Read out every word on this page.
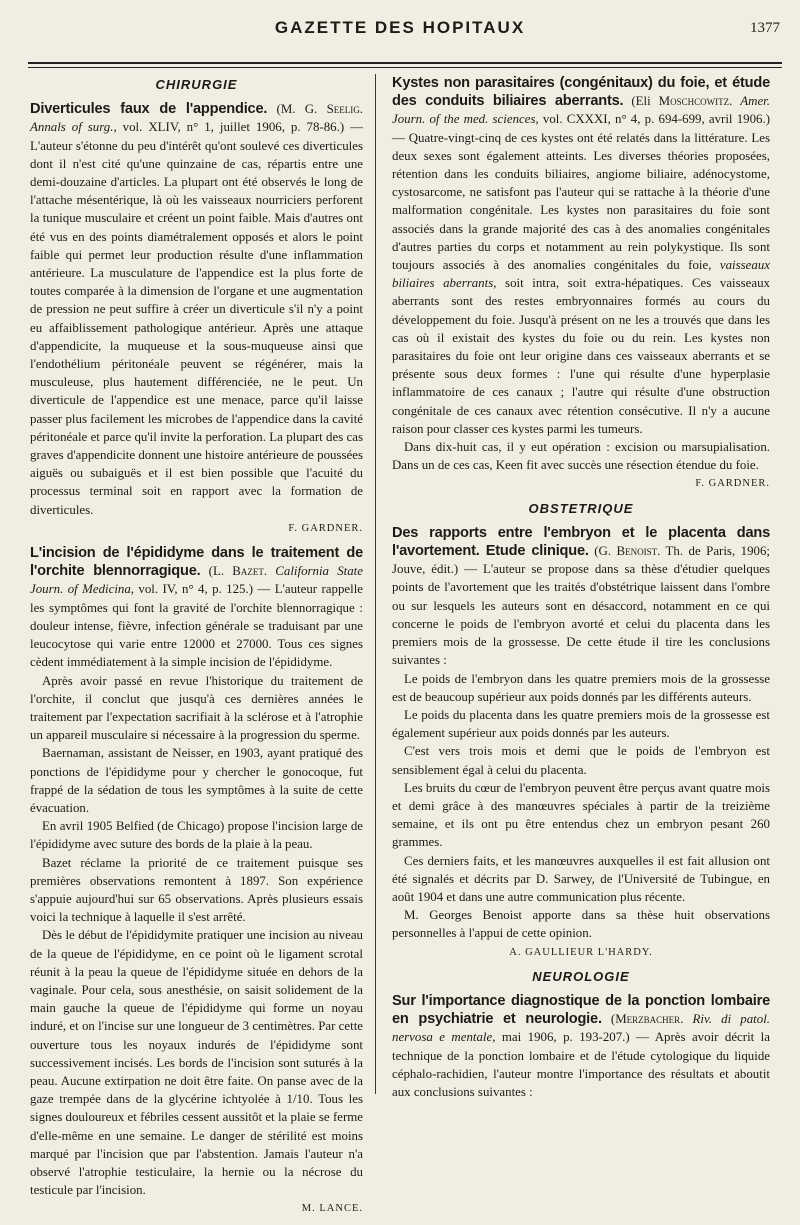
GAZETTE DES HOPITAUX	1377
CHIRURGIE

Diverticules faux de l'appendice. (M. G. Seelig. Annals of surg., vol. XLIV, n° 1, juillet 1906, p. 78-86.) — L'auteur s'étonne du peu d'intérêt qu'ont soulevé ces diverticules dont il n'est cité qu'une quinzaine de cas, répartis entre une demi-douzaine d'articles. La plupart ont été observés le long de l'attache mésentérique, là où les vaisseaux nourriciers perforent la tunique musculaire et créent un point faible. Mais d'autres ont été vus en des points diamétralement opposés et alors le point faible qui permet leur production résulte d'une inflammation antérieure. La musculature de l'appendice est la plus forte de toutes comparée à la dimension de l'organe et une augmentation de pression ne peut suffire à créer un diverticule s'il n'y a point eu affaiblissement pathologique antérieur. Après une attaque d'appendicite, la muqueuse et la sous-muqueuse ainsi que l'endothélium péritonéale peuvent se régénérer, mais la musculeuse, plus hautement différenciée, ne le peut. Un diverticule de l'appendice est une menace, parce qu'il laisse passer plus facilement les microbes de l'appendice dans la cavité péritonéale et parce qu'il invite la perforation. La plupart des cas graves d'appendicite donnent une histoire antérieure de poussées aiguës ou subaiguës et il est bien possible que l'acuité du processus terminal soit en rapport avec la formation de diverticules.

F. GARDNER.

L'incision de l'épididyme dans le traitement de l'orchite blennorragique. (L. Bazet. California State Journ. of Medicina, vol. IV, n° 4, p. 125.) — L'auteur rappelle les symptômes qui font la gravité de l'orchite blennorragique : douleur intense, fièvre, infection générale se traduisant par une leucocytose qui varie entre 12000 et 27000. Tous ces signes cèdent immédiatement à la simple incision de l'épididyme.

Après avoir passé en revue l'historique du traitement de l'orchite, il conclut que jusqu'à ces dernières années le traitement par l'expectation sacrifiait à la sclérose et à l'atrophie un appareil musculaire si nécessaire à la progression du sperme.

Baernaman, assistant de Neisser, en 1903, ayant pratiqué des ponctions de l'épididyme pour y chercher le gonocoque, fut frappé de la sédation de tous les symptômes à la suite de cette évacuation.

En avril 1905 Belfied (de Chicago) propose l'incision large de l'épididyme avec suture des bords de la plaie à la peau.

Bazet réclame la priorité de ce traitement puisque ses premières observations remontent à 1897. Son expérience s'appuie aujourd'hui sur 65 observations. Après plusieurs essais voici la technique à laquelle il s'est arrêté.

Dès le début de l'épididymite pratiquer une incision au niveau de la queue de l'épididyme, en ce point où le ligament scrotal réunit à la peau la queue de l'épididyme située en dehors de la vaginale. Pour cela, sous anesthésie, on saisit solidement de la main gauche la queue de l'épididyme qui forme un noyau induré, et on l'incise sur une longueur de 3 centimètres. Par cette ouverture tous les noyaux indurés de l'épididyme sont successivement incisés. Les bords de l'incision sont suturés à la peau. Aucune extirpation ne doit être faite. On panse avec de la gaze trempée dans de la glycérine ichtyolée à 1/10. Tous les signes douloureux et fébriles cessent aussitôt et la plaie se ferme d'elle-même en une semaine. Le danger de stérilité est moins marqué par l'incision que par l'abstention. Jamais l'auteur n'a observé l'atrophie testiculaire, la hernie ou la nécrose du testicule par l'incision.

M. LANCE.

Kystes non parasitaires (congénitaux) du foie, et étude des conduits biliaires aberrants. (Eli Moschcowitz. Amer. Journ. of the med. sciences, vol. CXXXI, n° 4, p. 694-699, avril 1906.) — Quatre-vingt-cinq de ces kystes ont été relatés dans la littérature. Les deux sexes sont également atteints. Les diverses théories proposées, rétention dans les conduits biliaires, angiome biliaire, adénocystome, cystosarcome, ne satisfont pas l'auteur qui se rattache à la théorie d'une malformation congénitale. Les kystes non parasitaires du foie sont associés dans la grande majorité des cas à des anomalies congénitales d'autres parties du corps et notamment au rein polykystique. Ils sont toujours associés à des anomalies congénitales du foie, vaisseaux biliaires aberrants, soit intra, soit extra-hépatiques. Ces vaisseaux aberrants sont des restes embryonnaires formés au cours du développement du foie. Jusqu'à présent on ne les a trouvés que dans les cas où il existait des kystes du foie ou du rein. Les kystes non parasitaires du foie ont leur origine dans ces vaisseaux aberrants et se présente sous deux formes : l'une qui résulte d'une hyperplasie inflammatoire de ces canaux ; l'autre qui résulte d'une obstruction congénitale de ces canaux avec rétention consécutive. Il n'y a aucune raison pour classer ces kystes parmi les tumeurs.

Dans dix-huit cas, il y eut opération : excision ou marsupialisation. Dans un de ces cas, Keen fit avec succès une résection étendue du foie.

F. GARDNER.
OBSTETRIQUE

Des rapports entre l'embryon et le placenta dans l'avortement. Etude clinique. (G. Benoist. Th. de Paris, 1906; Jouve, édit.) — L'auteur se propose dans sa thèse d'étudier quelques points de l'avortement que les traités d'obstétrique laissent dans l'ombre ou sur lesquels les auteurs sont en désaccord, notamment en ce qui concerne le poids de l'embryon avorté et celui du placenta dans les premiers mois de la grossesse. De cette étude il tire les conclusions suivantes :

Le poids de l'embryon dans les quatre premiers mois de la grossesse est de beaucoup supérieur aux poids donnés par les différents auteurs.

Le poids du placenta dans les quatre premiers mois de la grossesse est également supérieur aux poids donnés par les auteurs.

C'est vers trois mois et demi que le poids de l'embryon est sensiblement égal à celui du placenta.

Les bruits du cœur de l'embryon peuvent être perçus avant quatre mois et demi grâce à des manœuvres spéciales à partir de la treizième semaine, et ils ont pu être entendus chez un embryon pesant 260 grammes.

Ces derniers faits, et les manœuvres auxquelles il est fait allusion ont été signalés et décrits par D. Sarwey, de l'Université de Tubingue, en août 1904 et dans une autre communication plus récente.

M. Georges Benoist apporte dans sa thèse huit observations personnelles à l'appui de cette opinion.

A. GAULLIEUR L'HARDY.
NEUROLOGIE

Sur l'importance diagnostique de la ponction lombaire en psychiatrie et neurologie. (Merzbacher. Riv. di patol. nervosa e mentale, mai 1906, p. 193-207.) — Après avoir décrit la technique de la ponction lombaire et de l'étude cytologique du liquide céphalo-rachidien, l'auteur montre l'importance des résultats et aboutit aux conclusions suivantes :
